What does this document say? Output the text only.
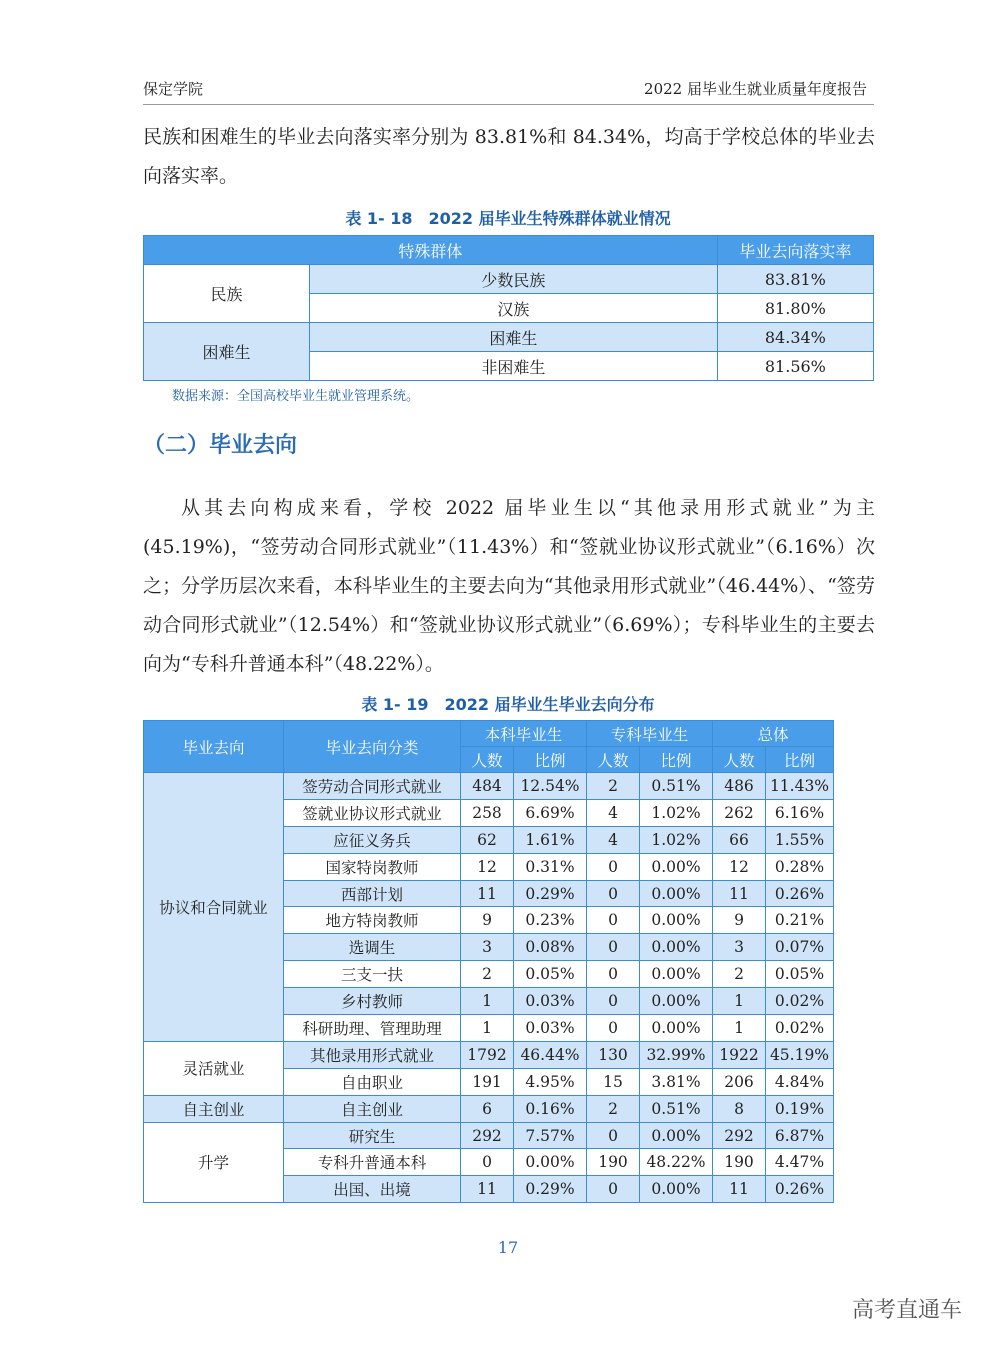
保定学院	2022 届毕业生就业质量年度报告
民族和困难生的毕业去向落实率分别为 83.81%和 84.34%，均高于学校总体的毕业去向落实率。
表 1- 18　2022 届毕业生特殊群体就业情况
特殊群体		毕业去向落实率
民族	少数民族	83.81%
	汉族	81.80%
困难生	困难生	84.34%
	非困难生	81.56%
数据来源：全国高校毕业生就业管理系统。
（二）毕业去向
从其去向构成来看，学校 2022 届毕业生以“其他录用形式就业”为主(45.19%)，“签劳动合同形式就业”（11.43%）和“签就业协议形式就业”（6.16%）次之；分学历层次来看，本科毕业生的主要去向为“其他录用形式就业”（46.44%）、“签劳动合同形式就业”（12.54%）和“签就业协议形式就业”（6.69%）；专科毕业生的主要去向为“专科升普通本科”（48.22%）。
表 1- 19　2022 届毕业生毕业去向分布
毕业去向	毕业去向分类	本科毕业生		专科毕业生		总体	
		人数	比例	人数	比例	人数	比例
协议和合同就业	签劳动合同形式就业	484	12.54%	2	0.51%	486	11.43%
	签就业协议形式就业	258	6.69%	4	1.02%	262	6.16%
	应征义务兵	62	1.61%	4	1.02%	66	1.55%
	国家特岗教师	12	0.31%	0	0.00%	12	0.28%
	西部计划	11	0.29%	0	0.00%	11	0.26%
	地方特岗教师	9	0.23%	0	0.00%	9	0.21%
	选调生	3	0.08%	0	0.00%	3	0.07%
	三支一扶	2	0.05%	0	0.00%	2	0.05%
	乡村教师	1	0.03%	0	0.00%	1	0.02%
	科研助理、管理助理	1	0.03%	0	0.00%	1	0.02%
灵活就业	其他录用形式就业	1792	46.44%	130	32.99%	1922	45.19%
	自由职业	191	4.95%	15	3.81%	206	4.84%
自主创业	自主创业	6	0.16%	2	0.51%	8	0.19%
升学	研究生	292	7.57%	0	0.00%	292	6.87%
	专科升普通本科	0	0.00%	190	48.22%	190	4.47%
	出国、出境	11	0.29%	0	0.00%	11	0.26%
17
高考直通车
